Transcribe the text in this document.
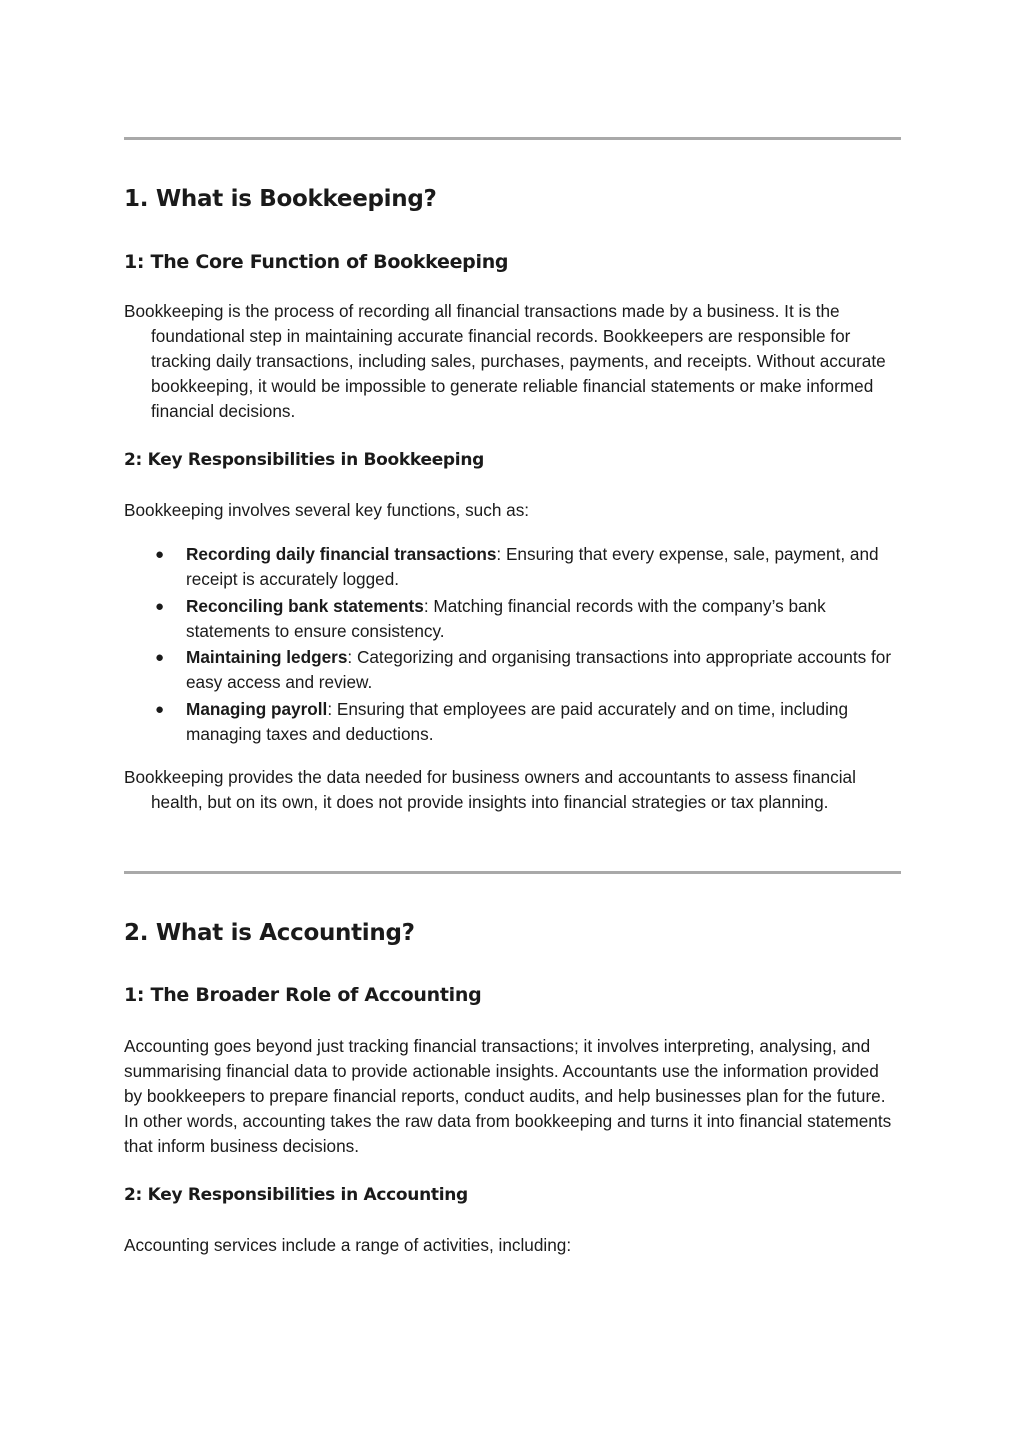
1. What is Bookkeeping?
1: The Core Function of Bookkeeping

Bookkeeping is the process of recording all financial transactions made by a business. It is the foundational step in maintaining accurate financial records. Bookkeepers are responsible for tracking daily transactions, including sales, purchases, payments, and receipts. Without accurate bookkeeping, it would be impossible to generate reliable financial statements or make informed financial decisions.

2: Key Responsibilities in Bookkeeping

Bookkeeping involves several key functions, such as:

● Recording daily financial transactions: Ensuring that every expense, sale, payment, and receipt is accurately logged.
● Reconciling bank statements: Matching financial records with the company’s bank statements to ensure consistency.
● Maintaining ledgers: Categorizing and organising transactions into appropriate accounts for easy access and review.
● Managing payroll: Ensuring that employees are paid accurately and on time, including managing taxes and deductions.

Bookkeeping provides the data needed for business owners and accountants to assess financial health, but on its own, it does not provide insights into financial strategies or tax planning.

2. What is Accounting?
1: The Broader Role of Accounting

Accounting goes beyond just tracking financial transactions; it involves interpreting, analysing, and summarising financial data to provide actionable insights. Accountants use the information provided by bookkeepers to prepare financial reports, conduct audits, and help businesses plan for the future. In other words, accounting takes the raw data from bookkeeping and turns it into financial statements that inform business decisions.

2: Key Responsibilities in Accounting

Accounting services include a range of activities, including:
